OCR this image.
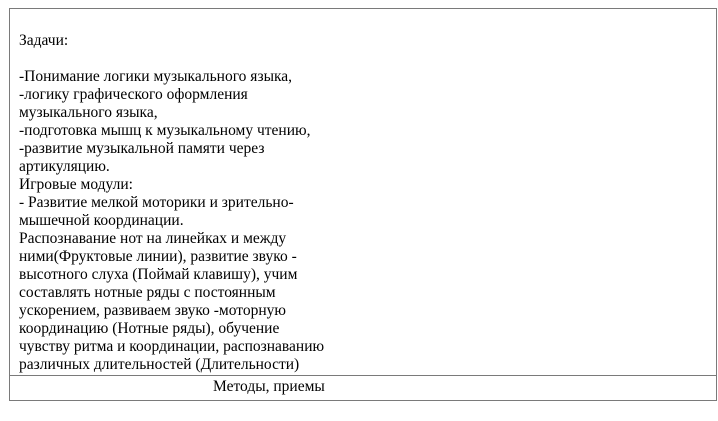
Задачи:
-Понимание логики музыкального языка,
-логику графического оформления
музыкального языка,
-подготовка мышц к музыкальному чтению,
-развитие музыкальной памяти через
артикуляцию.
Игровые модули:
- Развитие мелкой моторики и зрительно-
мышечной координации.
Распознавание нот на линейках и между
ними(Фруктовые линии), развитие звуко -
высотного слуха (Поймай клавишу), учим
составлять нотные ряды с постоянным
ускорением, развиваем звуко -моторную
координацию (Нотные ряды), обучение
чувству ритма и координации, распознаванию
различных длительностей (Длительности)
Методы, приемы
